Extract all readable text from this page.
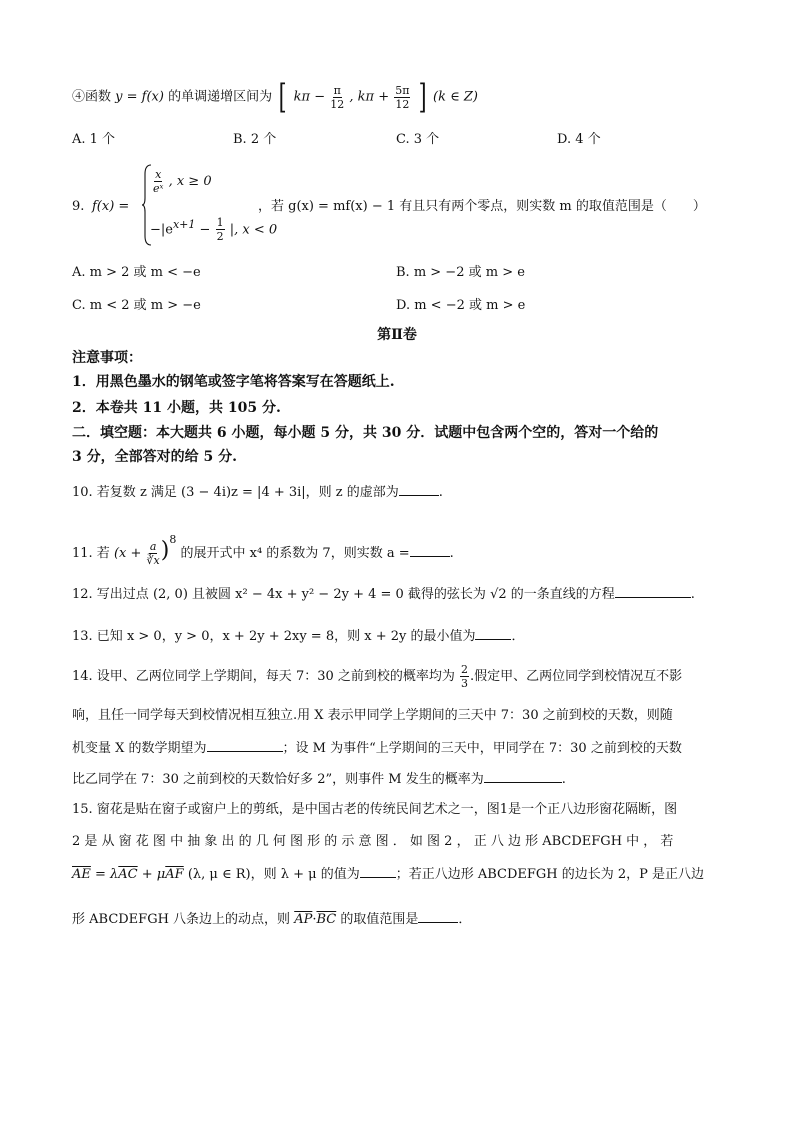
④函数 y = f(x) 的单调递增区间为 [ $k\pi - \frac{\pi}{12}$ , $k\pi + \frac{5\pi}{12}$ ] (k ∈ Z)
A. 1 个	B. 2 个	C. 3 个	D. 4 个
9. f(x) =
$\frac{x}{\text{eˣ}}$ , x ≥ 0
$-|e^{x+1} - \frac{1}{2}$ |, x < 0
，若 g(x) = mf(x) − 1 有且只有两个零点，则实数 m 的取值范围是（　　）
A. m > 2 或 m < −e	B. m > −2 或 m > e
C. m < 2 或 m > −e	D. m < −2 或 m > e
第Ⅱ卷
注意事项：
1．用黑色墨水的钢笔或签字笔将答案写在答题纸上.
2．本卷共 11 小题，共 105 分.
二．填空题：本大题共 6 小题，每小题 5 分，共 30 分．试题中包含两个空的，答对一个给的
3 分，全部答对的给 5 分.
10. 若复数 z 满足 (3 − 4i)z = |4 + 3i|，则 z 的虚部为	.
11. 若 $(x + \frac{a}{∛x} )^8$ 的展开式中 x⁴ 的系数为 7，则实数 a =	.
12. 写出过点 (2, 0) 且被圆 x² − 4x + y² − 2y + 4 = 0 截得的弦长为 √2 的一条直线的方程	.
13. 已知 x > 0，y > 0，x + 2y + 2xy = 8，则 x + 2y 的最小值为	．
14. 设甲、乙两位同学上学期间，每天 7：30 之前到校的概率均为 $\frac{2}{3}$ .假定甲、乙两位同学到校情况互不影
响，且任一同学每天到校情况相互独立.用 X 表示甲同学上学期间的三天中 7：30 之前到校的天数，则随
机变量 X 的数学期望为	；设 M 为事件“上学期间的三天中，甲同学在 7：30 之前到校的天数
比乙同学在 7：30 之前到校的天数恰好多 2”，则事件 M 发生的概率为	.
15. 窗花是贴在窗子或窗户上的剪纸，是中国古老的传统民间艺术之一，图1是一个正八边形窗花隔断，图
2 是 从 窗 花 图 中 抽 象 出 的 几 何 图 形 的 示 意 图 ． 如 图 2 ， 正 八 边 形 ABCDEFGH 中 ， 若
$\overline{AE} = \lambda\overline{AC} + \mu\overline{AF}$ (λ, μ ∈ R)，则 λ + μ 的值为	；若正八边形 ABCDEFGH 的边长为 2，P 是正八边
形 ABCDEFGH 八条边上的动点，则 $\overline{AP}\cdot\overline{BC}$ 的取值范围是	．
